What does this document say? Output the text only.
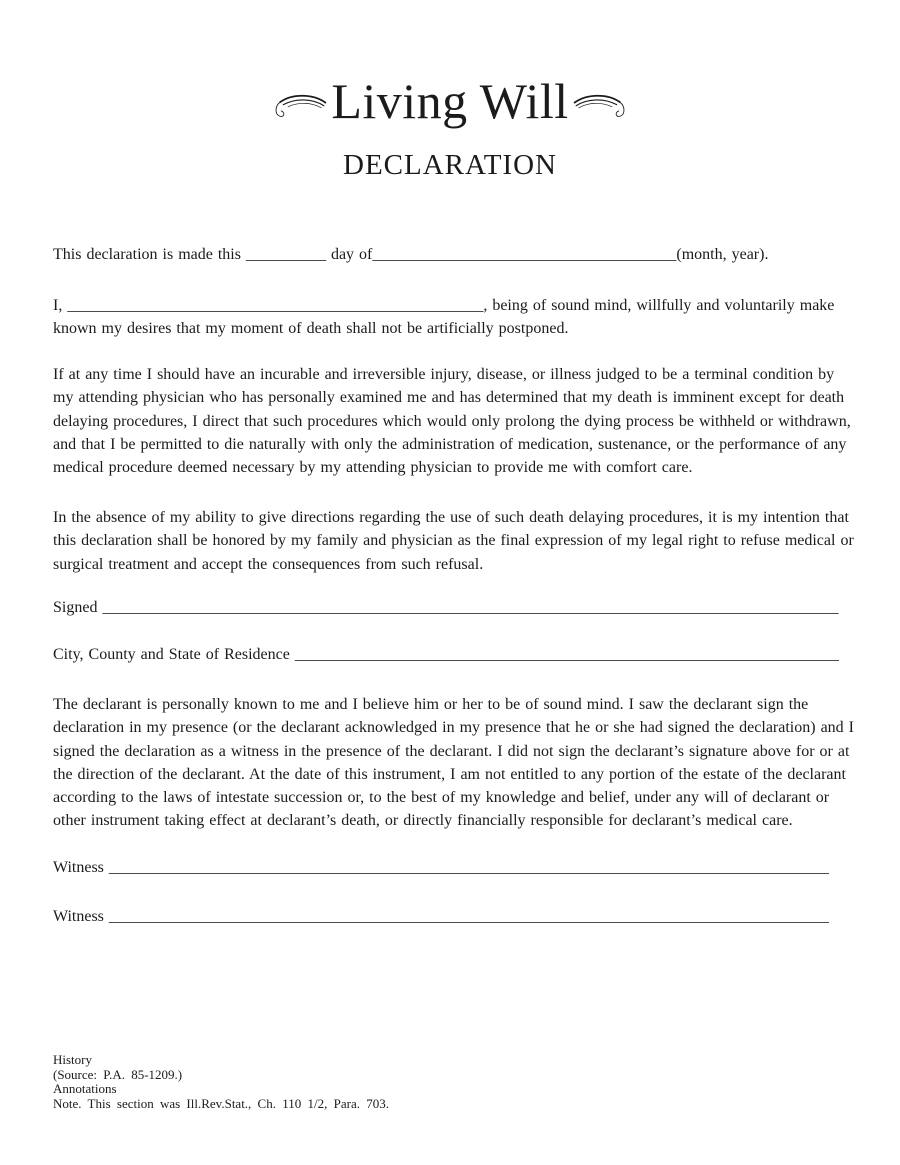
Living Will
DECLARATION
This declaration is made this __________ day of______________________________________(month, year).
I, ____________________________________________________, being of sound mind, willfully and voluntarily make
known my desires that my moment of death shall not be artificially postponed.
If at any time I should have an incurable and irreversible injury, disease, or illness judged to be a terminal condition by
my attending physician who has personally examined me and has determined that my death is imminent except for death
delaying procedures, I direct that such procedures which would only prolong the dying process be withheld or withdrawn,
and that I be permitted to die naturally with only the administration of medication, sustenance, or the performance of any
medical procedure deemed necessary by my attending physician to provide me with comfort care.
In the absence of my ability to give directions regarding the use of such death delaying procedures, it is my intention that
this declaration shall be honored by my family and physician as the final expression of my legal right to refuse medical or
surgical treatment and accept the consequences from such refusal.
Signed ____________________________________________________________________________________________
City, County and State of Residence ____________________________________________________________________
The declarant is personally known to me and I believe him or her to be of sound mind. I saw the declarant sign the
declaration in my presence (or the declarant acknowledged in my presence that he or she had signed the declaration) and I
signed the declaration as a witness in the presence of the declarant. I did not sign the declarant’s signature above for or at
the direction of the declarant. At the date of this instrument, I am not entitled to any portion of the estate of the declarant
according to the laws of intestate succession or, to the best of my knowledge and belief, under any will of declarant or
other instrument taking effect at declarant’s death, or directly financially responsible for declarant’s medical care.
Witness __________________________________________________________________________________________
Witness __________________________________________________________________________________________
History
(Source: P.A. 85-1209.)
Annotations
Note. This section was Ill.Rev.Stat., Ch. 110 1/2, Para. 703.
